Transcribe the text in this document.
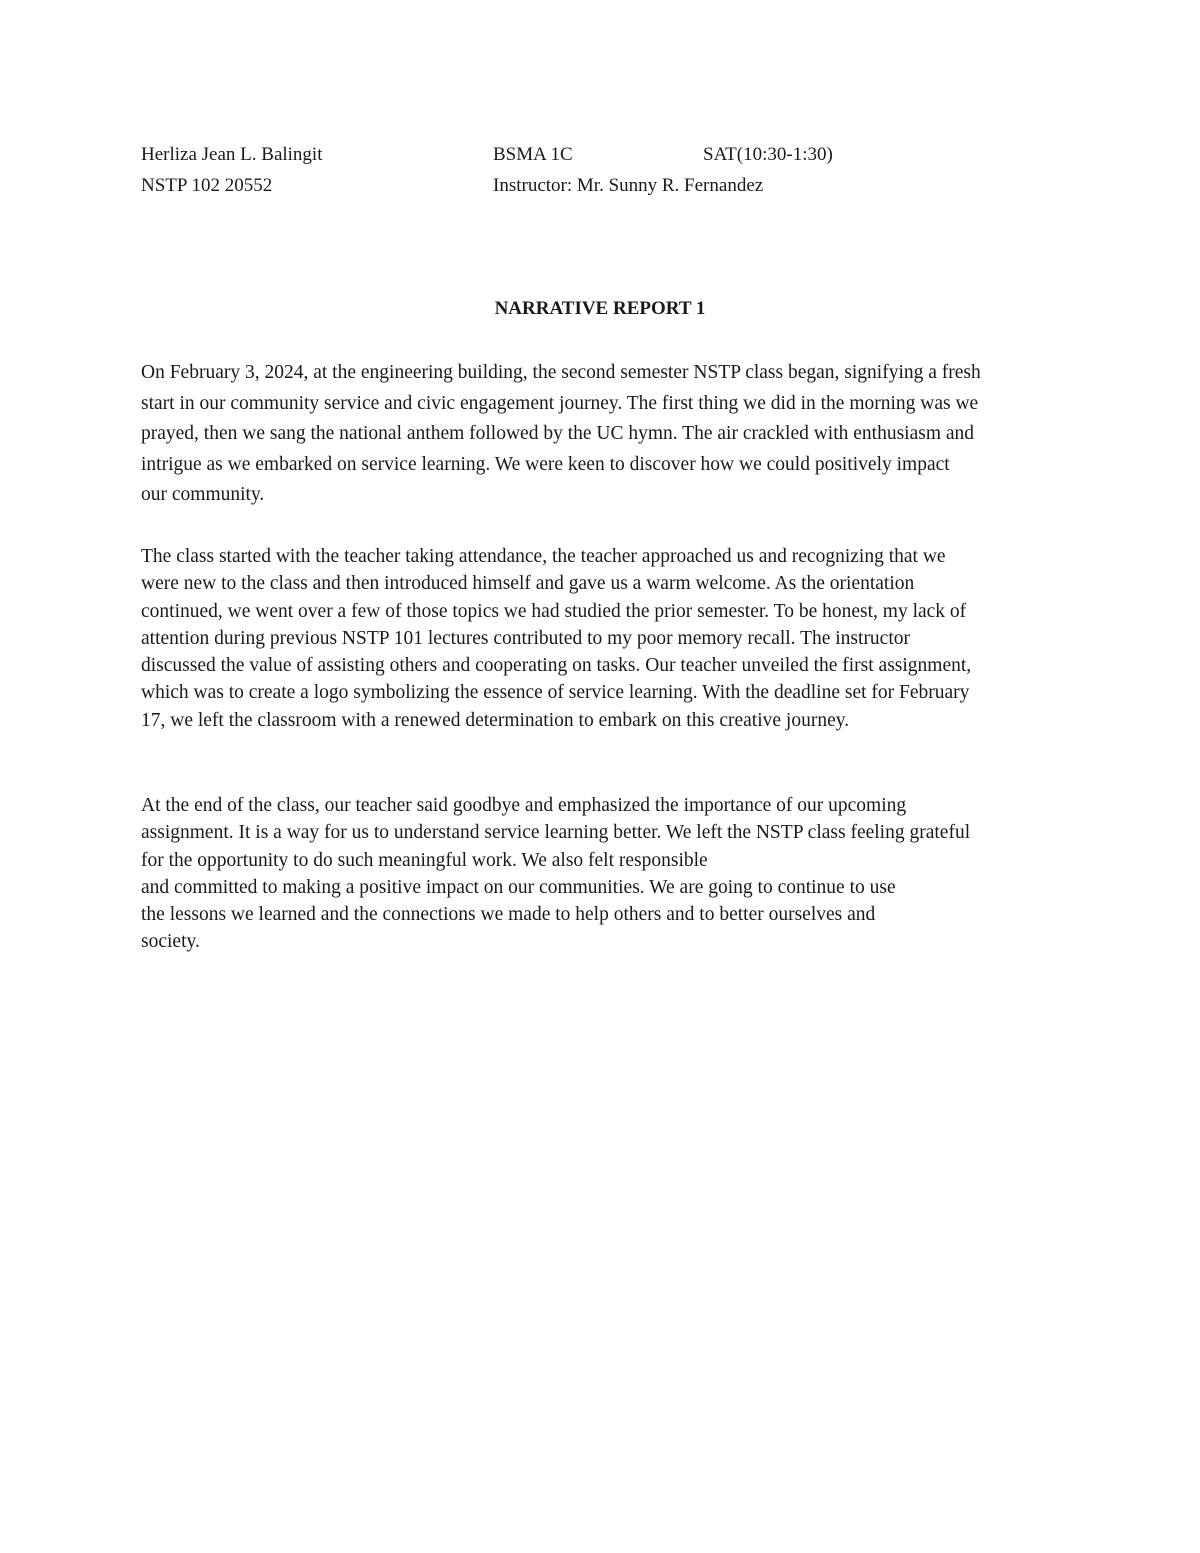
Herliza Jean L. Balingit	BSMA 1C	SAT(10:30-1:30)
NSTP 102 20552	Instructor: Mr. Sunny R. Fernandez
NARRATIVE REPORT 1
On February 3, 2024, at the engineering building, the second semester NSTP class began, signifying a fresh
start in our community service and civic engagement journey. The first thing we did in the morning was we
prayed, then we sang the national anthem followed by the UC hymn. The air crackled with enthusiasm and
intrigue as we embarked on service learning. We were keen to discover how we could positively impact
our community.
The class started with the teacher taking attendance, the teacher approached us and recognizing that we
were new to the class and then introduced himself and gave us a warm welcome. As the orientation
continued, we went over a few of those topics we had studied the prior semester. To be honest, my lack of
attention during previous NSTP 101 lectures contributed to my poor memory recall. The instructor
discussed the value of assisting others and cooperating on tasks. Our teacher unveiled the first assignment,
which was to create a logo symbolizing the essence of service learning. With the deadline set for February
17, we left the classroom with a renewed determination to embark on this creative journey.
At the end of the class, our teacher said goodbye and emphasized the importance of our upcoming
assignment. It is a way for us to understand service learning better. We left the NSTP class feeling grateful
for the opportunity to do such meaningful work. We also felt responsible
and committed to making a positive impact on our communities. We are going to continue to use
the lessons we learned and the connections we made to help others and to better ourselves and
society.
